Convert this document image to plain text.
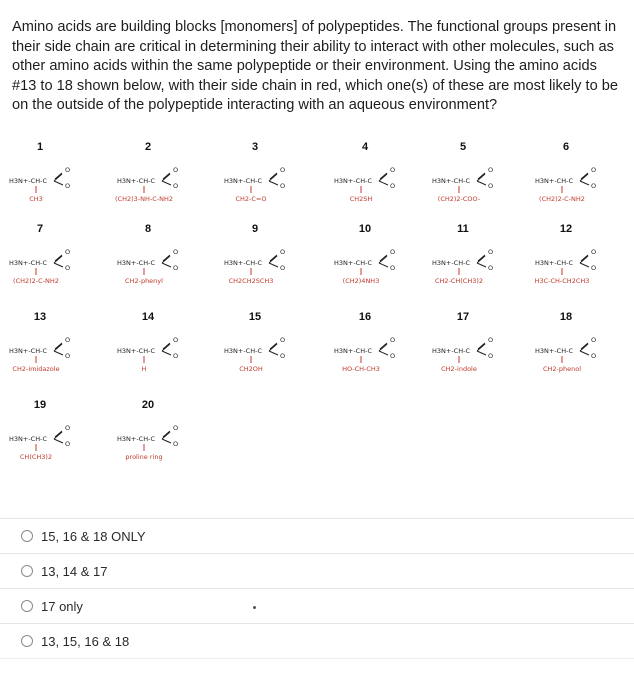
Amino acids are building blocks [monomers] of polypeptides. The functional groups present in their side chain are critical in determining their ability to interact with other molecules, such as other amino acids within the same polypeptide or their environment. Using the amino acids #13 to 18 shown below, with their side chain in red, which one(s) of these are most likely to be on the outside of the polypeptide interacting with an aqueous environment?
1
H3N+-CH-C
O
O
CH3
2
H3N+-CH-C
O
O
(CH2)3-NH-C-NH2
3
H3N+-CH-C
O
O
CH2-C=O
4
H3N+-CH-C
O
O
CH2SH
5
H3N+-CH-C
O
O
(CH2)2-COO-
6
H3N+-CH-C
O
O
(CH2)2-C-NH2
7
H3N+-CH-C
O
O
(CH2)2-C-NH2
8
H3N+-CH-C
O
O
CH2-phenyl
9
H3N+-CH-C
O
O
CH2CH2SCH3
10
H3N+-CH-C
O
O
(CH2)4NH3
11
H3N+-CH-C
O
O
CH2-CH(CH3)2
12
H3N+-CH-C
O
O
H3C-CH-CH2CH3
13
H3N+-CH-C
O
O
CH2-imidazole
14
H3N+-CH-C
O
O
H
15
H3N+-CH-C
O
O
CH2OH
16
H3N+-CH-C
O
O
HO-CH-CH3
17
H3N+-CH-C
O
O
CH2-indole
18
H3N+-CH-C
O
O
CH2-phenol
19
H3N+-CH-C
O
O
CH(CH3)2
20
H3N+-CH-C
O
O
proline ring
15, 16 & 18 ONLY
13, 14 & 17
17 only
13, 15, 16 & 18
